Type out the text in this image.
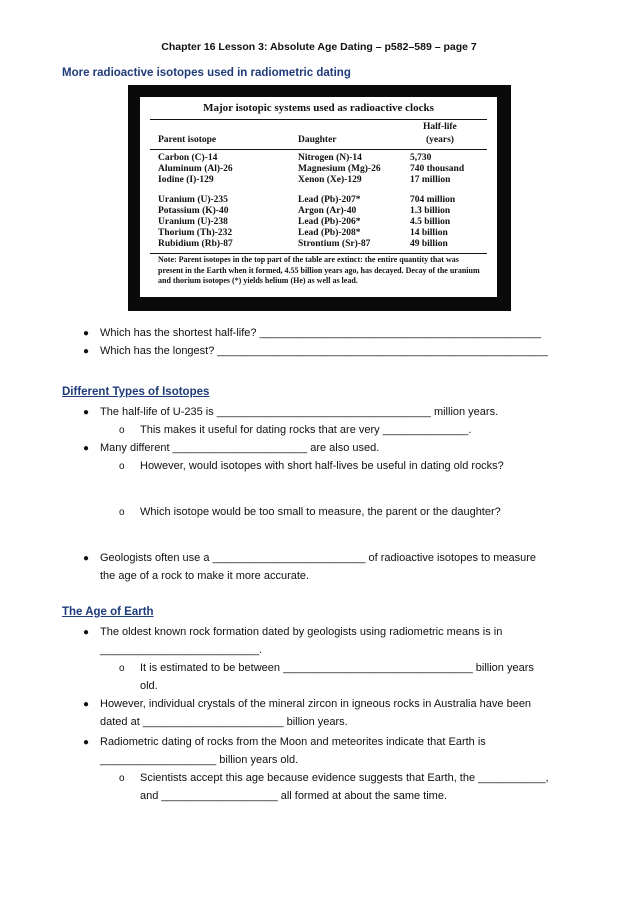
Chapter 16 Lesson 3: Absolute Age Dating – p582–589 – page 7
More radioactive isotopes used in radiometric dating
Major isotopic systems used as radioactive clocks
Half-life
Parent isotope	Daughter	(years)
Carbon (C)-14	Nitrogen (N)-14	5,730
Aluminum (Al)-26	Magnesium (Mg)-26	740 thousand
Iodine (I)-129	Xenon (Xe)-129	17 million
Uranium (U)-235	Lead (Pb)-207*	704 million
Potassium (K)-40	Argon (Ar)-40	1.3 billion
Uranium (U)-238	Lead (Pb)-206*	4.5 billion
Thorium (Th)-232	Lead (Pb)-208*	14 billion
Rubidium (Rb)-87	Strontium (Sr)-87	49 billion
Note: Parent isotopes in the top part of the table are extinct: the entire quantity that was present in the Earth when it formed, 4.55 billion years ago, has decayed. Decay of the uranium and thorium isotopes (*) yields helium (He) as well as lead.
● Which has the shortest half-life? ______________________________________________
● Which has the longest? ______________________________________________________
Different Types of Isotopes
● The half-life of U-235 is ___________________________________ million years.
o This makes it useful for dating rocks that are very ______________.
● Many different ______________________ are also used.
o However, would isotopes with short half-lives be useful in dating old rocks?
o Which isotope would be too small to measure, the parent or the daughter?
● Geologists often use a _________________________ of radioactive isotopes to measure
the age of a rock to make it more accurate.
The Age of Earth
● The oldest known rock formation dated by geologists using radiometric means is in
__________________________.
o It is estimated to be between _______________________________ billion years
old.
● However, individual crystals of the mineral zircon in igneous rocks in Australia have been
dated at _______________________ billion years.
● Radiometric dating of rocks from the Moon and meteorites indicate that Earth is
___________________ billion years old.
o Scientists accept this age because evidence suggests that Earth, the ___________,
and ___________________ all formed at about the same time.
